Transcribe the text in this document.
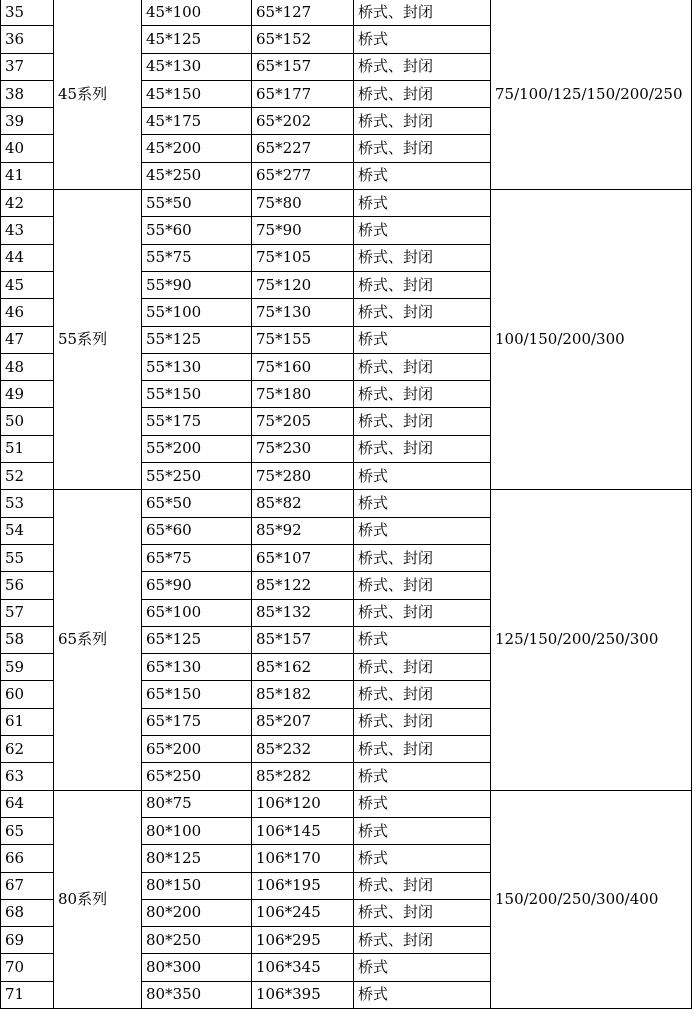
35	45系列	45*100	65*127	桥式、封闭	75/100/125/150/200/250
36		45*125	65*152	桥式	
37		45*130	65*157	桥式、封闭	
38		45*150	65*177	桥式、封闭	
39		45*175	65*202	桥式、封闭	
40		45*200	65*227	桥式、封闭	
41		45*250	65*277	桥式	
42	55系列	55*50	75*80	桥式	100/150/200/300
43		55*60	75*90	桥式	
44		55*75	75*105	桥式、封闭	
45		55*90	75*120	桥式、封闭	
46		55*100	75*130	桥式、封闭	
47		55*125	75*155	桥式	
48		55*130	75*160	桥式、封闭	
49		55*150	75*180	桥式、封闭	
50		55*175	75*205	桥式、封闭	
51		55*200	75*230	桥式、封闭	
52		55*250	75*280	桥式	
53	65系列	65*50	85*82	桥式	125/150/200/250/300
54		65*60	85*92	桥式	
55		65*75	65*107	桥式、封闭	
56		65*90	85*122	桥式、封闭	
57		65*100	85*132	桥式、封闭	
58		65*125	85*157	桥式	
59		65*130	85*162	桥式、封闭	
60		65*150	85*182	桥式、封闭	
61		65*175	85*207	桥式、封闭	
62		65*200	85*232	桥式、封闭	
63		65*250	85*282	桥式	
64	80系列	80*75	106*120	桥式	150/200/250/300/400
65		80*100	106*145	桥式	
66		80*125	106*170	桥式	
67		80*150	106*195	桥式、封闭	
68		80*200	106*245	桥式、封闭	
69		80*250	106*295	桥式、封闭	
70		80*300	106*345	桥式	
71		80*350	106*395	桥式	
